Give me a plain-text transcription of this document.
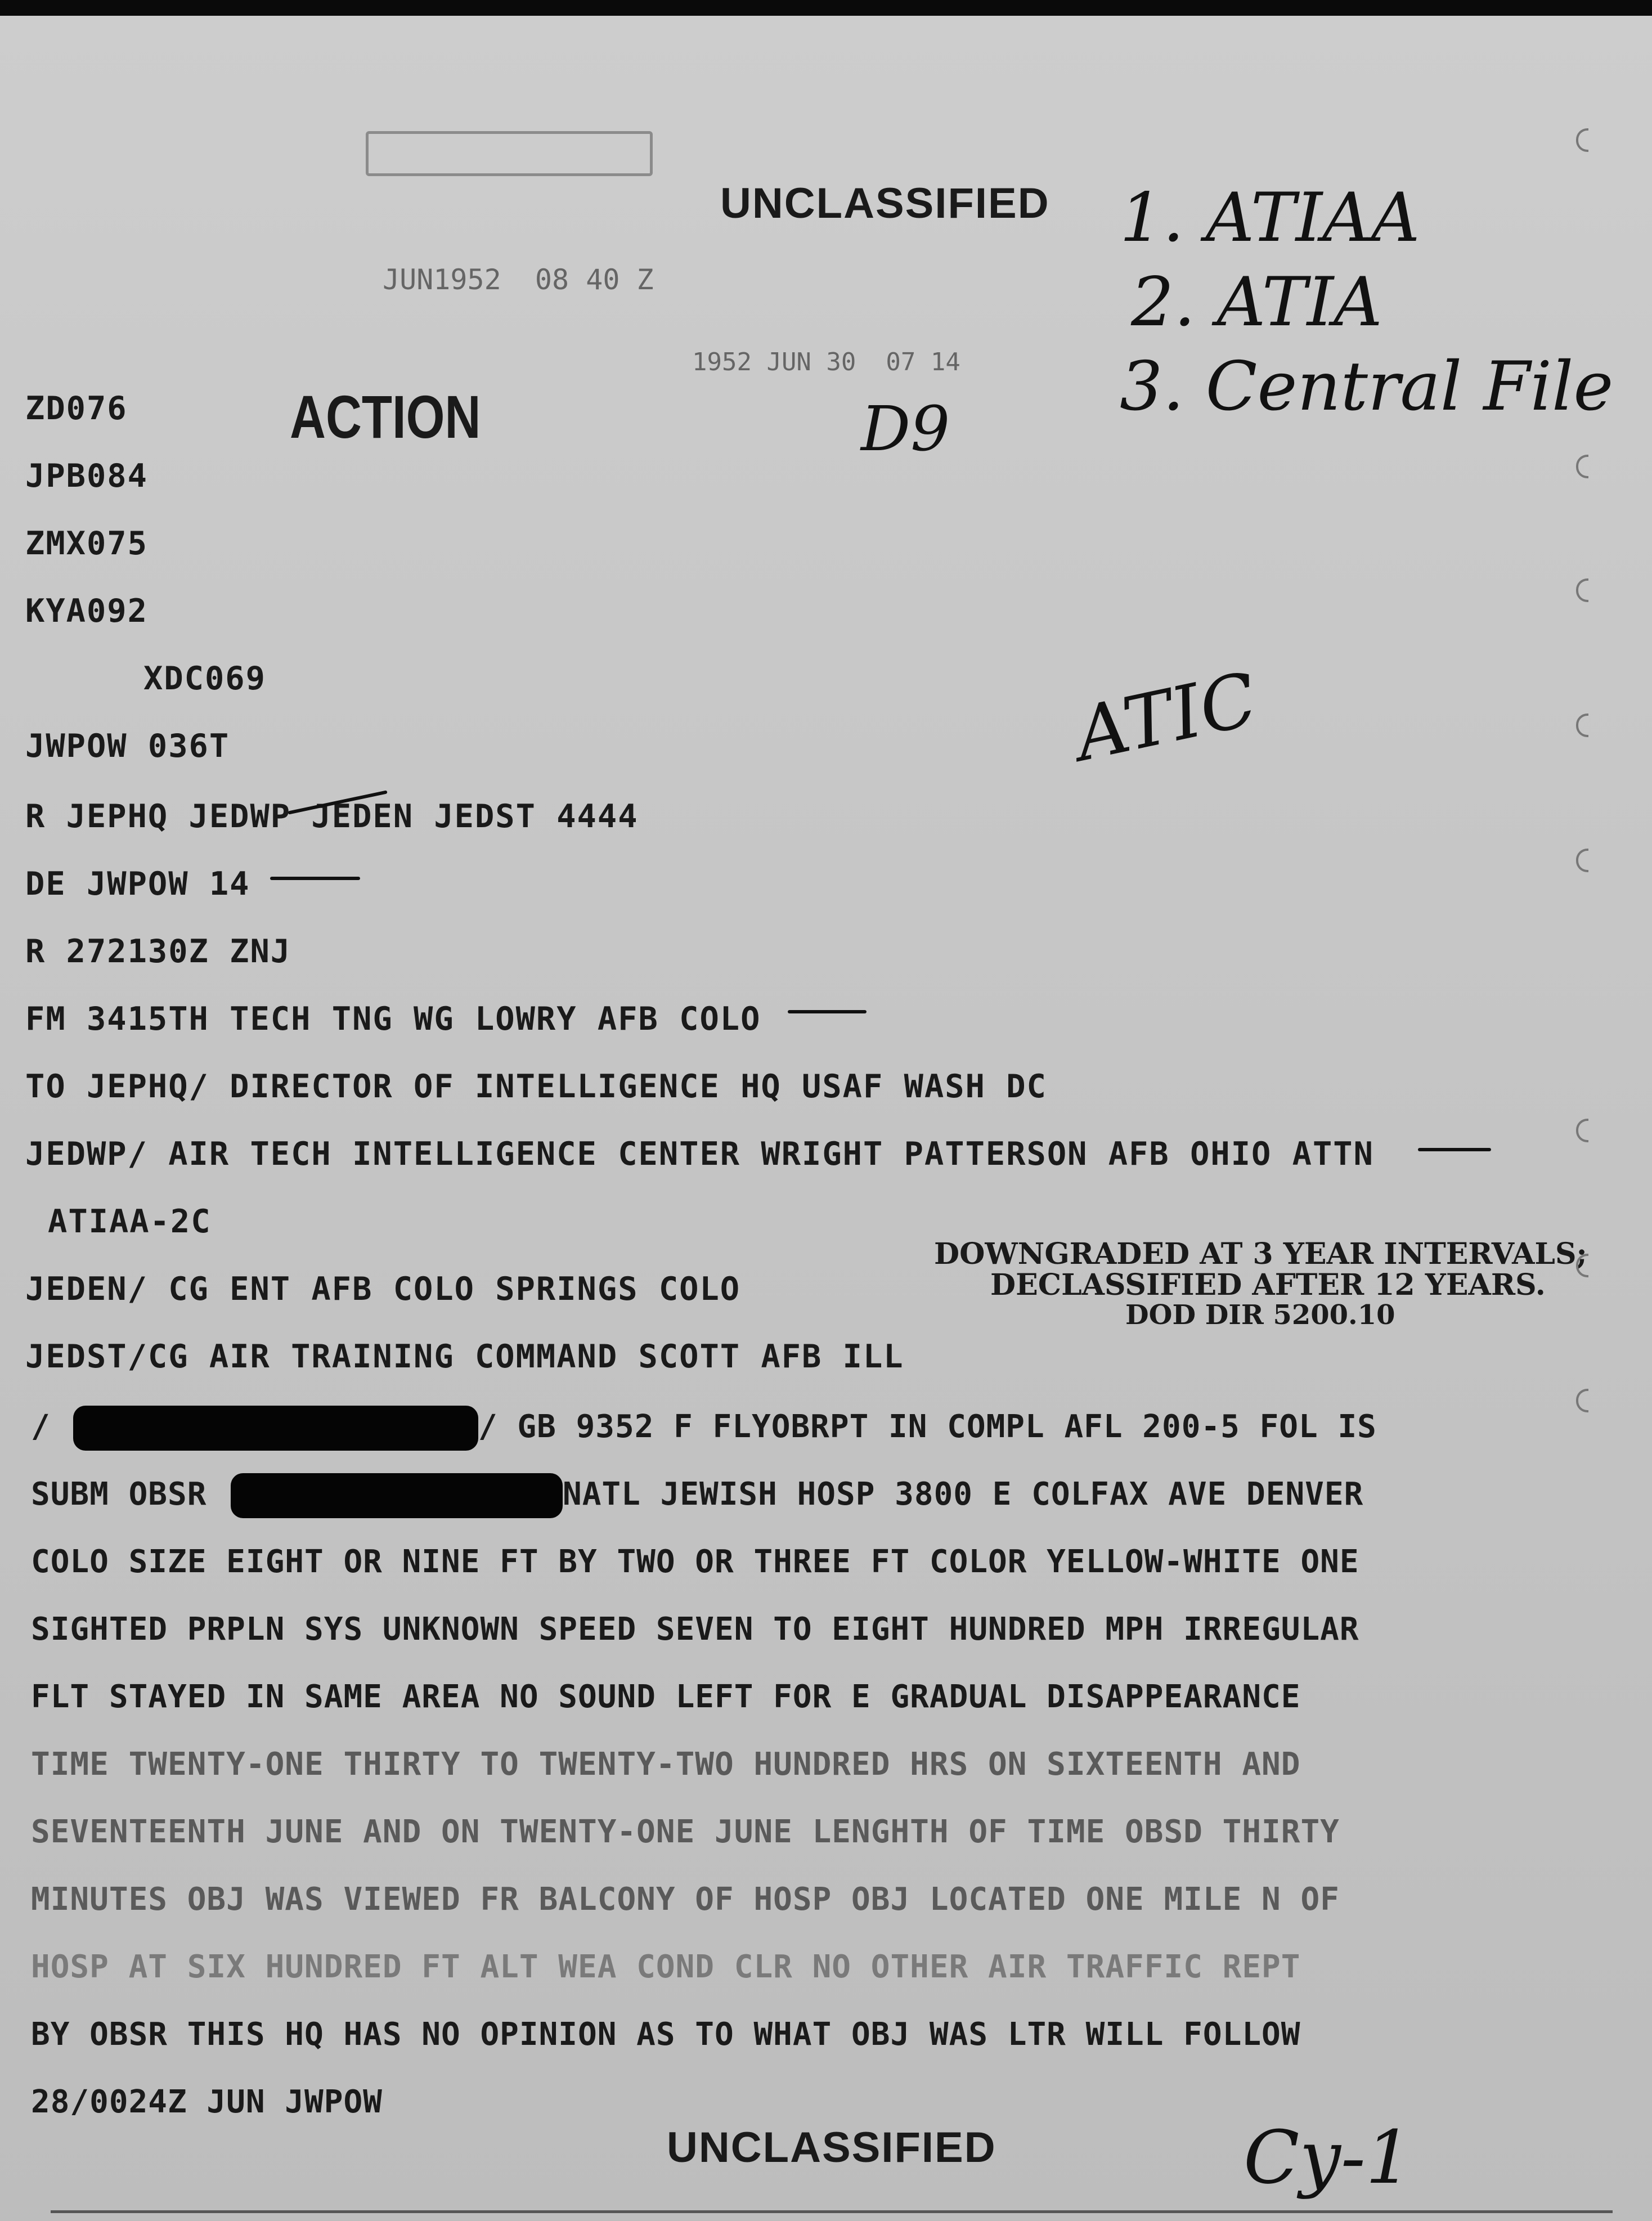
UNCLASSIFIED
JUN1952  08 40 Z
1952 JUN 30  07 14
ACTION
1. ATIAA
2. ATIA
3. Central File
D9
ATIC
Cy-1
ZD076
JPB084
ZMX075
KYA092
XDC069
JWPOW 036T
R JEPHQ JEDWP JEDEN JEDST 4444
DE JWPOW 14
R 272130Z ZNJ
FM 3415TH TECH TNG WG LOWRY AFB COLO
TO JEPHQ/ DIRECTOR OF INTELLIGENCE HQ USAF WASH DC
JEDWP/ AIR TECH INTELLIGENCE CENTER WRIGHT PATTERSON AFB OHIO ATTN
ATIAA-2C
JEDEN/ CG ENT AFB COLO SPRINGS COLO
JEDST/CG AIR TRAINING COMMAND SCOTT AFB ILL
DOWNGRADED AT 3 YEAR INTERVALS;
DECLASSIFIED AFTER 12 YEARS.
DOD DIR 5200.10
/	/ GB 9352 F FLYOBRPT IN COMPL AFL 200-5 FOL IS
SUBM OBSR	NATL JEWISH HOSP 3800 E COLFAX AVE DENVER
COLO SIZE EIGHT OR NINE FT BY TWO OR THREE FT COLOR YELLOW-WHITE ONE
SIGHTED PRPLN SYS UNKNOWN SPEED SEVEN TO EIGHT HUNDRED MPH IRREGULAR
FLT STAYED IN SAME AREA NO SOUND LEFT FOR E GRADUAL DISAPPEARANCE
TIME TWENTY-ONE THIRTY TO TWENTY-TWO HUNDRED HRS ON SIXTEENTH AND
SEVENTEENTH JUNE AND ON TWENTY-ONE JUNE LENGHTH OF TIME OBSD THIRTY
MINUTES OBJ WAS VIEWED FR BALCONY OF HOSP OBJ LOCATED ONE MILE N OF
HOSP AT SIX HUNDRED FT ALT WEA COND CLR NO OTHER AIR TRAFFIC REPT
BY OBSR THIS HQ HAS NO OPINION AS TO WHAT OBJ WAS LTR WILL FOLLOW
28/0024Z JUN JWPOW
UNCLASSIFIED
